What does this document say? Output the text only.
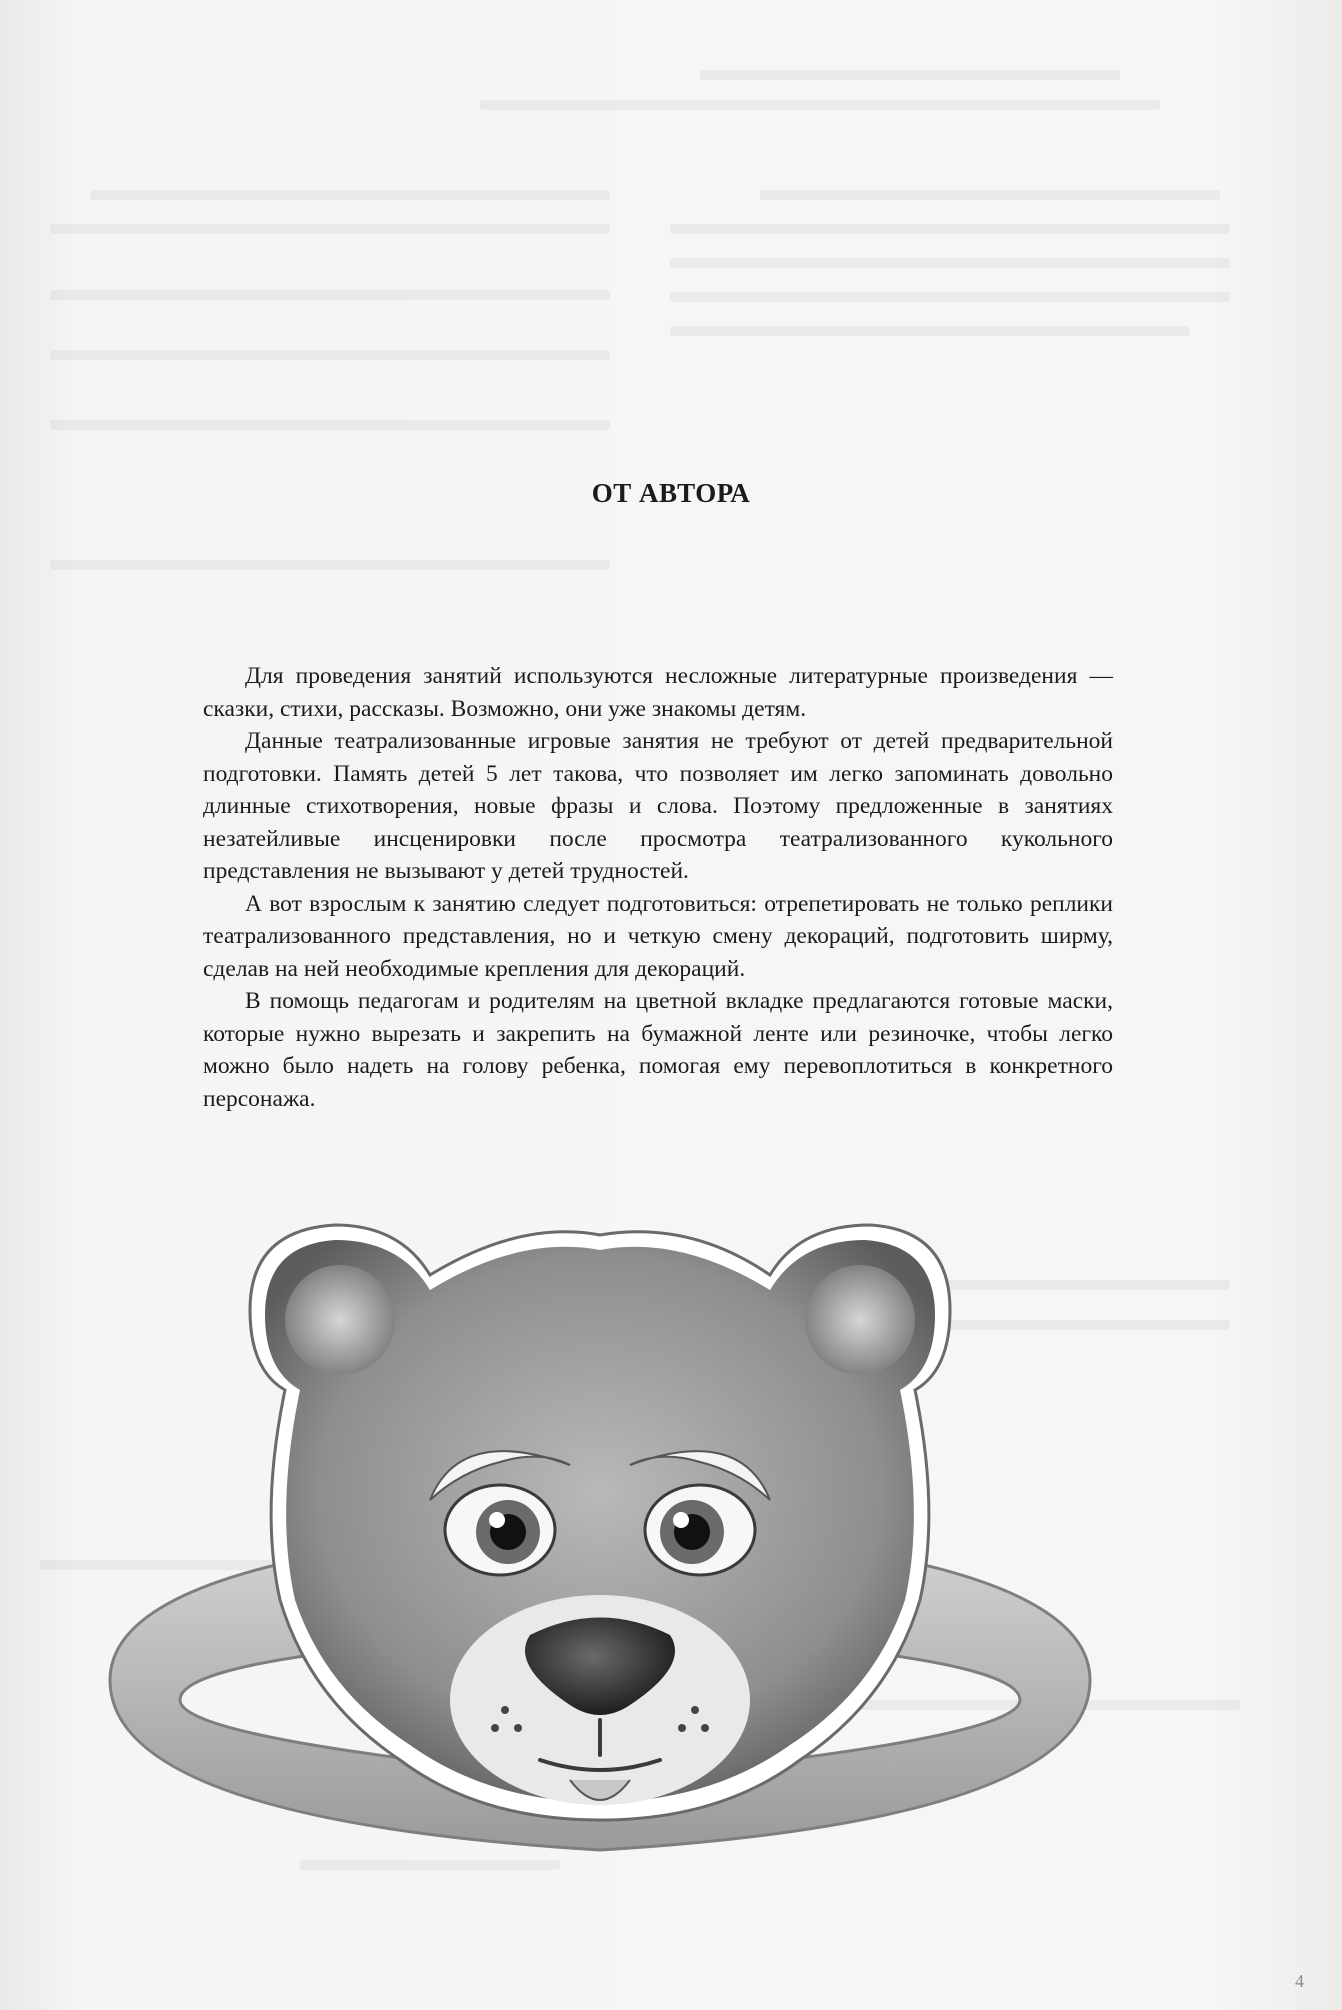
ОТ АВТОРА

Для проведения занятий используются несложные литературные произведения — сказки, стихи, рассказы. Возможно, они уже знакомы детям.

Данные театрализованные игровые занятия не требуют от детей предварительной подготовки. Память детей 5 лет такова, что позволяет им легко запоминать довольно длинные стихотворения, новые фразы и слова. Поэтому предложенные в занятиях незатейливые инсценировки после просмотра театрализованного кукольного представления не вызывают у детей трудностей.

А вот взрослым к занятию следует подготовиться: отрепетировать не только реплики театрализованного представления, но и четкую смену декораций, подготовить ширму, сделав на ней необходимые крепления для декораций.

В помощь педагогам и родителям на цветной вкладке предлагаются готовые маски, которые нужно вырезать и закрепить на бумажной ленте или резиночке, чтобы легко можно было надеть на голову ребенка, помогая ему перевоплотиться в конкретного персонажа.

4
